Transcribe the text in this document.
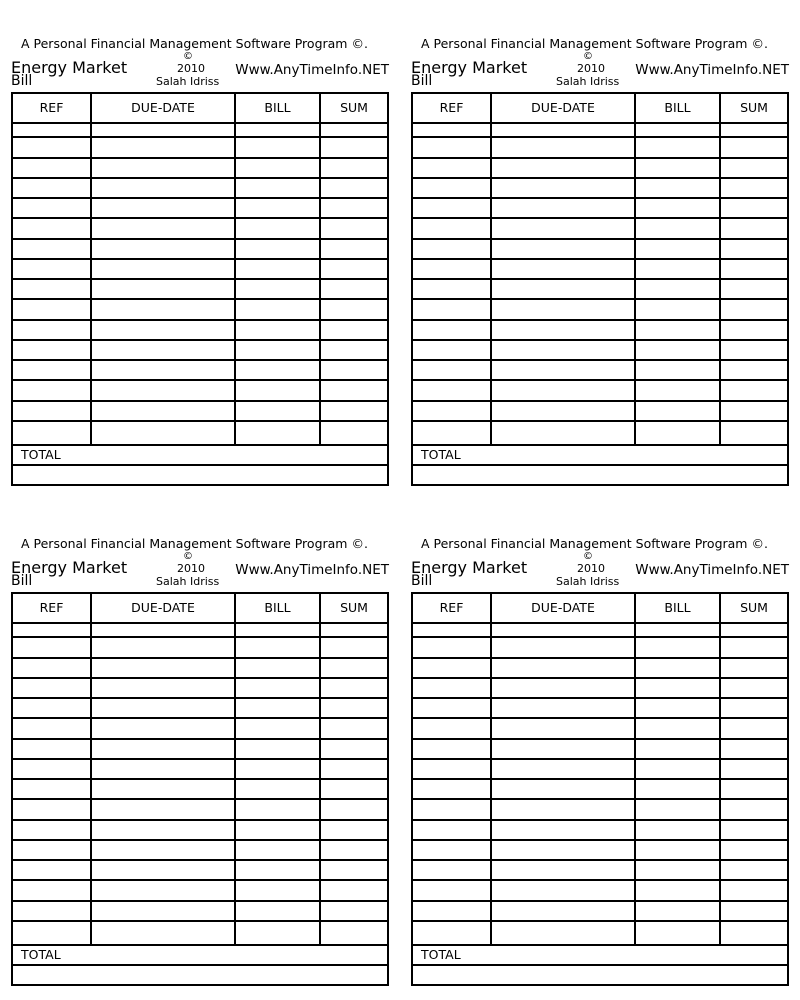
A Personal Financial Management Software Program ©.
Energy Market
Bill
©
2010
Salah Idriss
Www.AnyTimeInfo.NET
REF	DUE-DATE	BILL	SUM
TOTAL
A Personal Financial Management Software Program ©.
Energy Market
Bill
©
2010
Salah Idriss
Www.AnyTimeInfo.NET
REF	DUE-DATE	BILL	SUM
TOTAL
A Personal Financial Management Software Program ©.
Energy Market
Bill
©
2010
Salah Idriss
Www.AnyTimeInfo.NET
REF	DUE-DATE	BILL	SUM
TOTAL
A Personal Financial Management Software Program ©.
Energy Market
Bill
©
2010
Salah Idriss
Www.AnyTimeInfo.NET
REF	DUE-DATE	BILL	SUM
TOTAL
